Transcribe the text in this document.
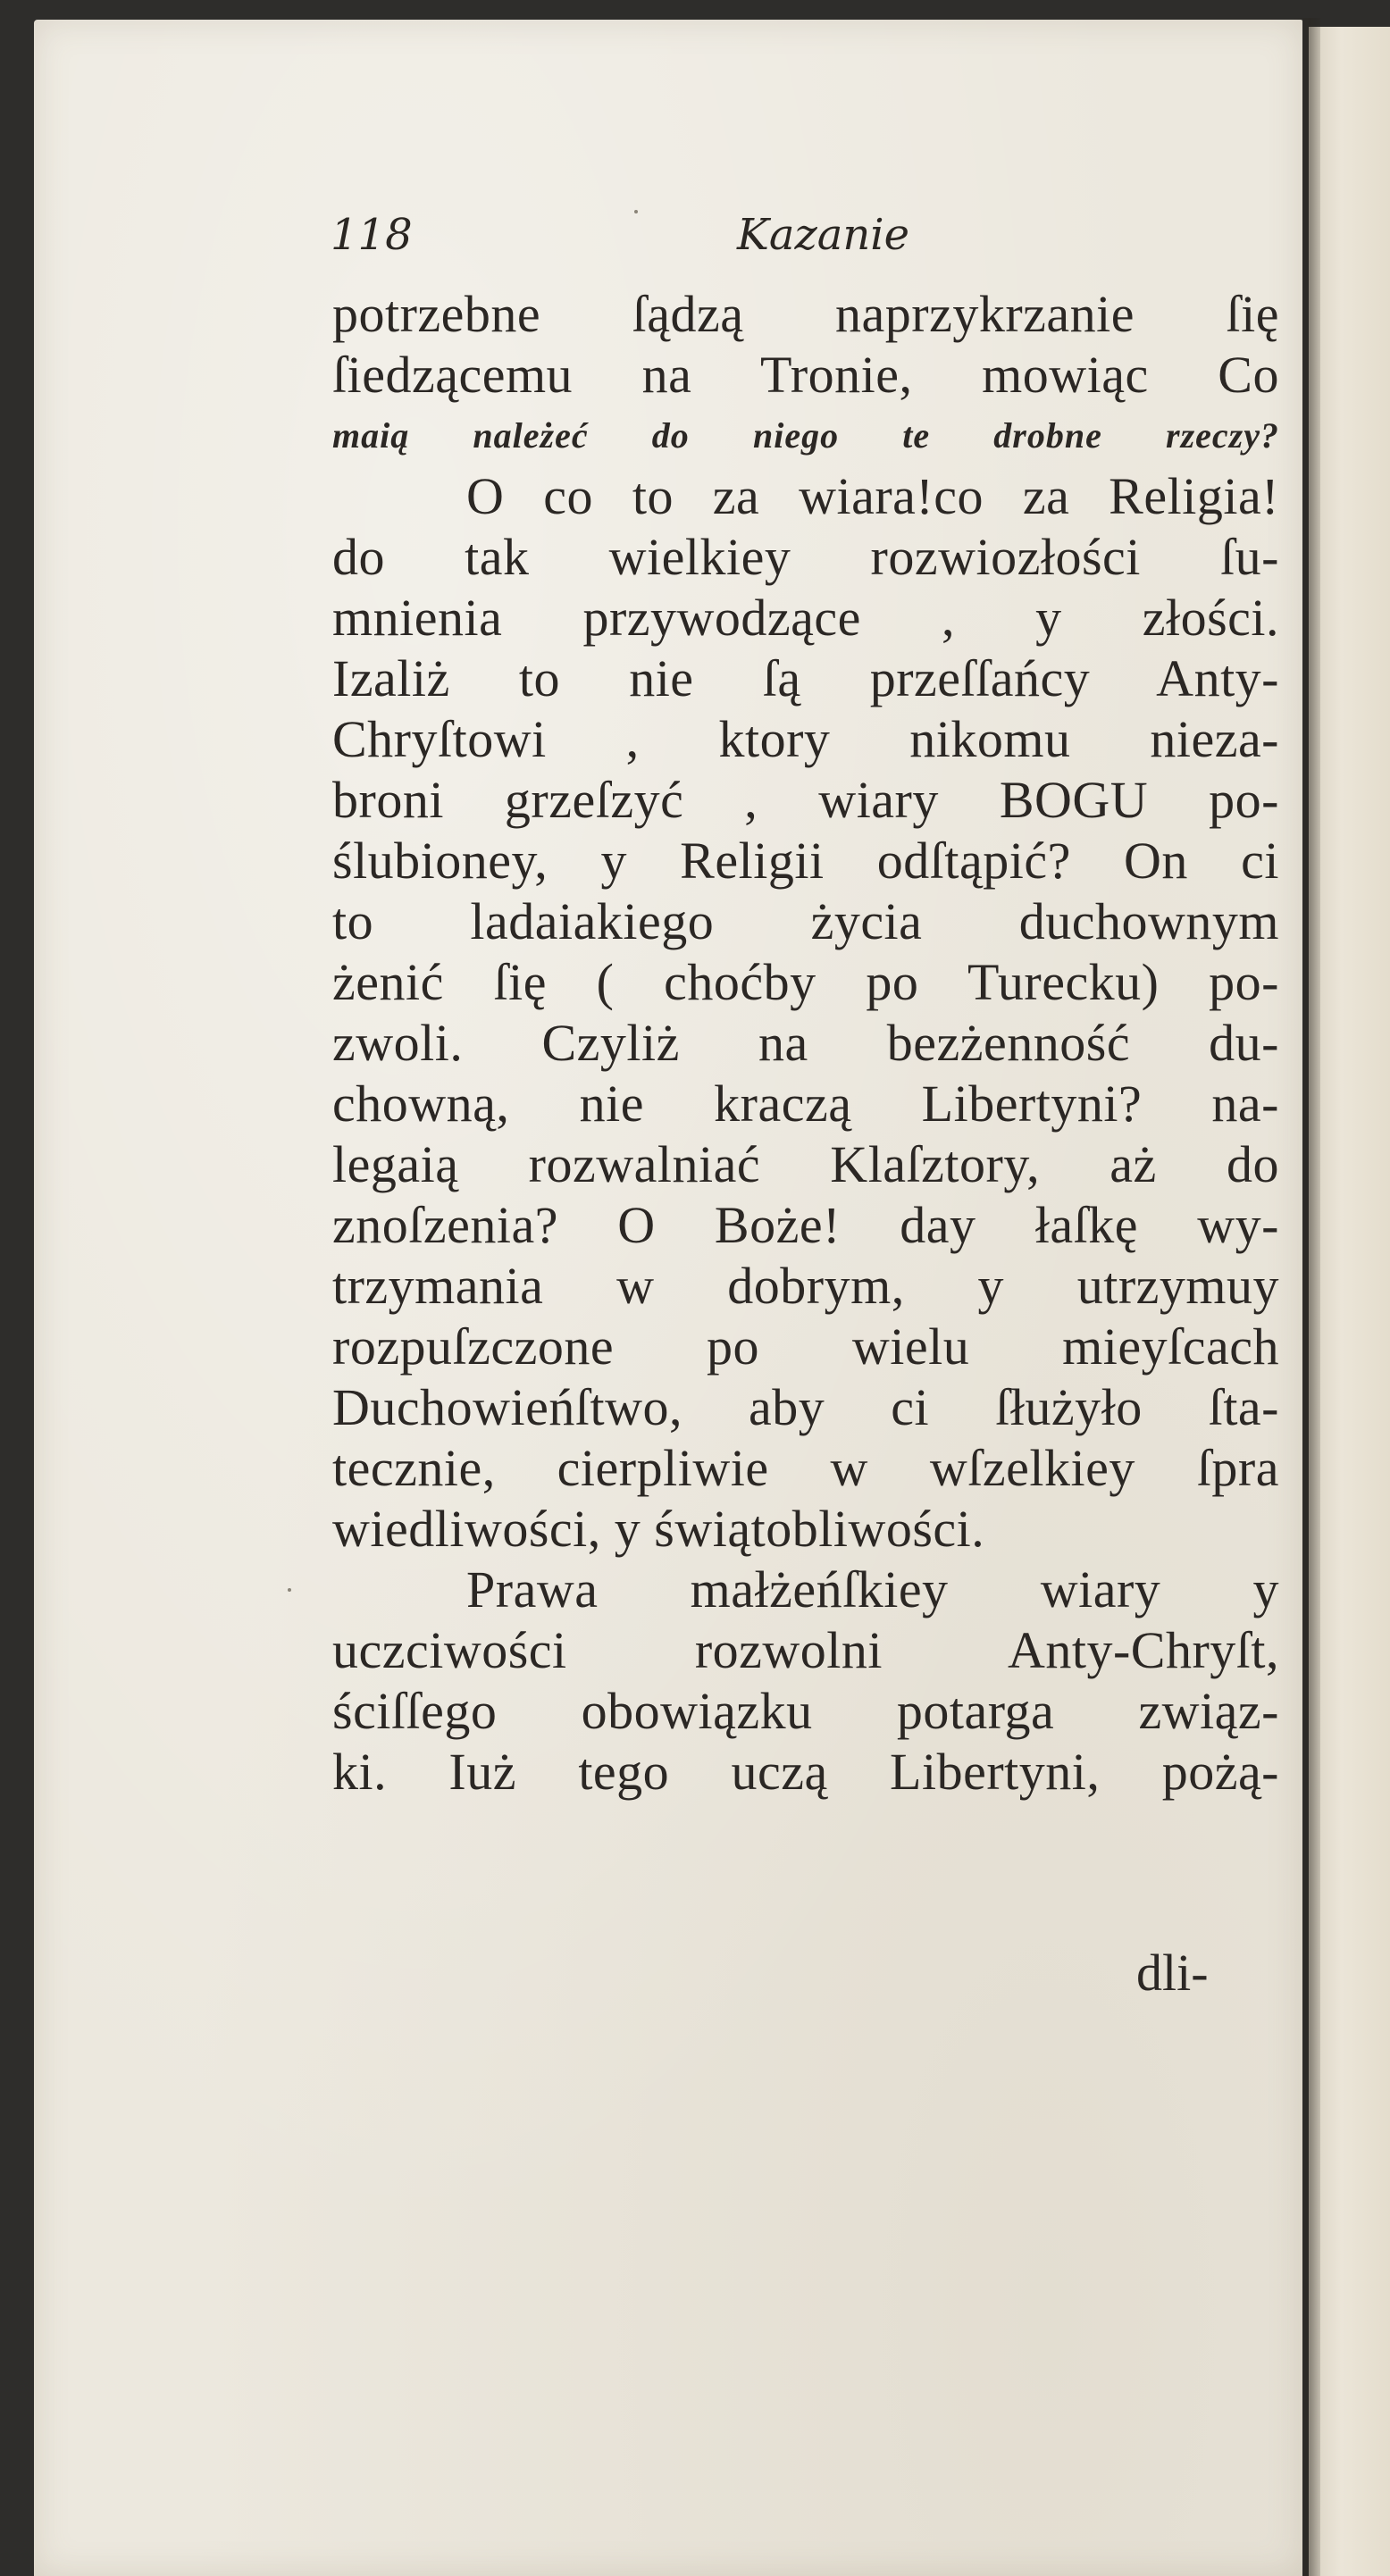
118	Kazanie
potrzebne ſądzą naprzykrzanie ſię
ſiedzącemu na Tronie, mowiąc Co
maią należeć do niego te drobne rzeczy?
O co to za wiara!co za Religia!
do tak wielkiey rozwiozłości ſu-
mnienia przywodzące , y złości.
Izaliż to nie ſą przeſſańcy Anty-
Chryſtowi , ktory nikomu nieza-
broni grzeſzyć , wiary BOGU po-
ślubioney, y Religii odſtąpić? On ci
to ladaiakiego życia duchownym
żenić ſię ( choćby po Turecku) po-
zwoli. Czyliż na bezżenność du-
chowną, nie kraczą Libertyni? na-
legaią rozwalniać Klaſztory, aż do
znoſzenia? O Boże! day łaſkę wy-
trzymania w dobrym, y utrzymuy
rozpuſzczone po wielu mieyſcach
Duchowieńſtwo, aby ci ſłużyło ſta-
tecznie, cierpliwie w wſzelkiey ſpra
wiedliwości, y świątobliwości.
Prawa małżeńſkiey wiary y
uczciwości rozwolni Anty-Chryſt,
ściſſego obowiązku potarga związ-
ki. Iuż tego uczą Libertyni, pożą-
dli-
